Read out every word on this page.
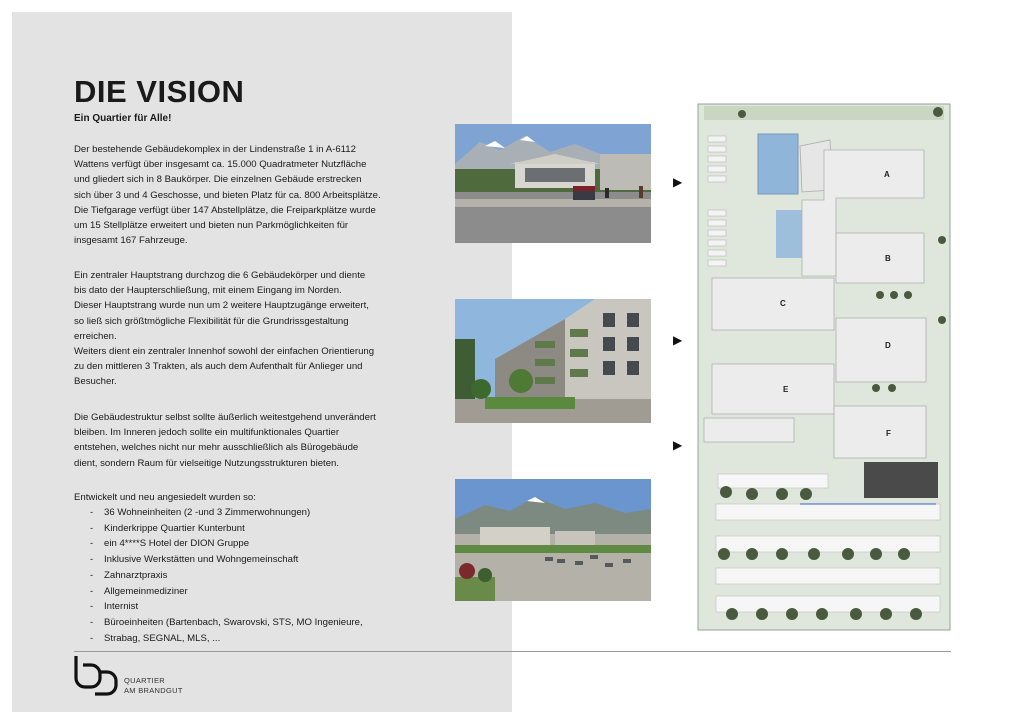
DIE VISION
Ein Quartier für Alle!

Der bestehende Gebäudekomplex in der Lindenstraße 1 in A-6112

Wattens verfügt über insgesamt ca. 15.000 Quadratmeter Nutzfläche

und gliedert sich in 8 Baukörper. Die einzelnen Gebäude erstrecken

sich über 3 und 4 Geschosse, und bieten Platz für ca. 800 Arbeitsplätze.

Die Tiefgarage verfügt über 147 Abstellplätze, die Freiparkplätze wurde

um 15 Stellplätze erweitert und bieten nun Parkmöglichkeiten für

insgesamt 167 Fahrzeuge.

Ein zentraler Hauptstrang durchzog die 6 Gebäudekörper und diente

bis dato der Haupterschließung, mit einem Eingang im Norden.

Dieser Hauptstrang wurde nun um 2 weitere Hauptzugänge erweitert,

so ließ sich größtmögliche Flexibilität für die Grundrissgestaltung

erreichen.

Weiters dient ein zentraler Innenhof sowohl der einfachen Orientierung

zu den mittleren 3 Trakten, als auch dem Aufenthalt für Anlieger und

Besucher.

Die Gebäudestruktur selbst sollte äußerlich weitestgehend unverändert

bleiben. Im Inneren jedoch sollte ein multifunktionales Quartier

entstehen, welches nicht nur mehr ausschließlich als Bürogebäude

dient, sondern Raum für vielseitige Nutzungsstrukturen bieten.

Entwickelt und neu angesiedelt wurden so:

- 36 Wohneinheiten (2 -und 3 Zimmerwohnungen)
- Kinderkrippe Quartier Kunterbunt
- ein 4****S Hotel der DION Gruppe
- Inklusive Werkstätten und Wohngemeinschaft
- Zahnarztpraxis
- Allgemeinmediziner
- Internist
- Büroeinheiten (Bartenbach, Swarovski, STS, MO Ingenieure,
- Strabag, SEGNAL, MLS, ...
QUARTIER
AM BRANDGUT
▶
▶
▶
A
B
C
D
E
F
